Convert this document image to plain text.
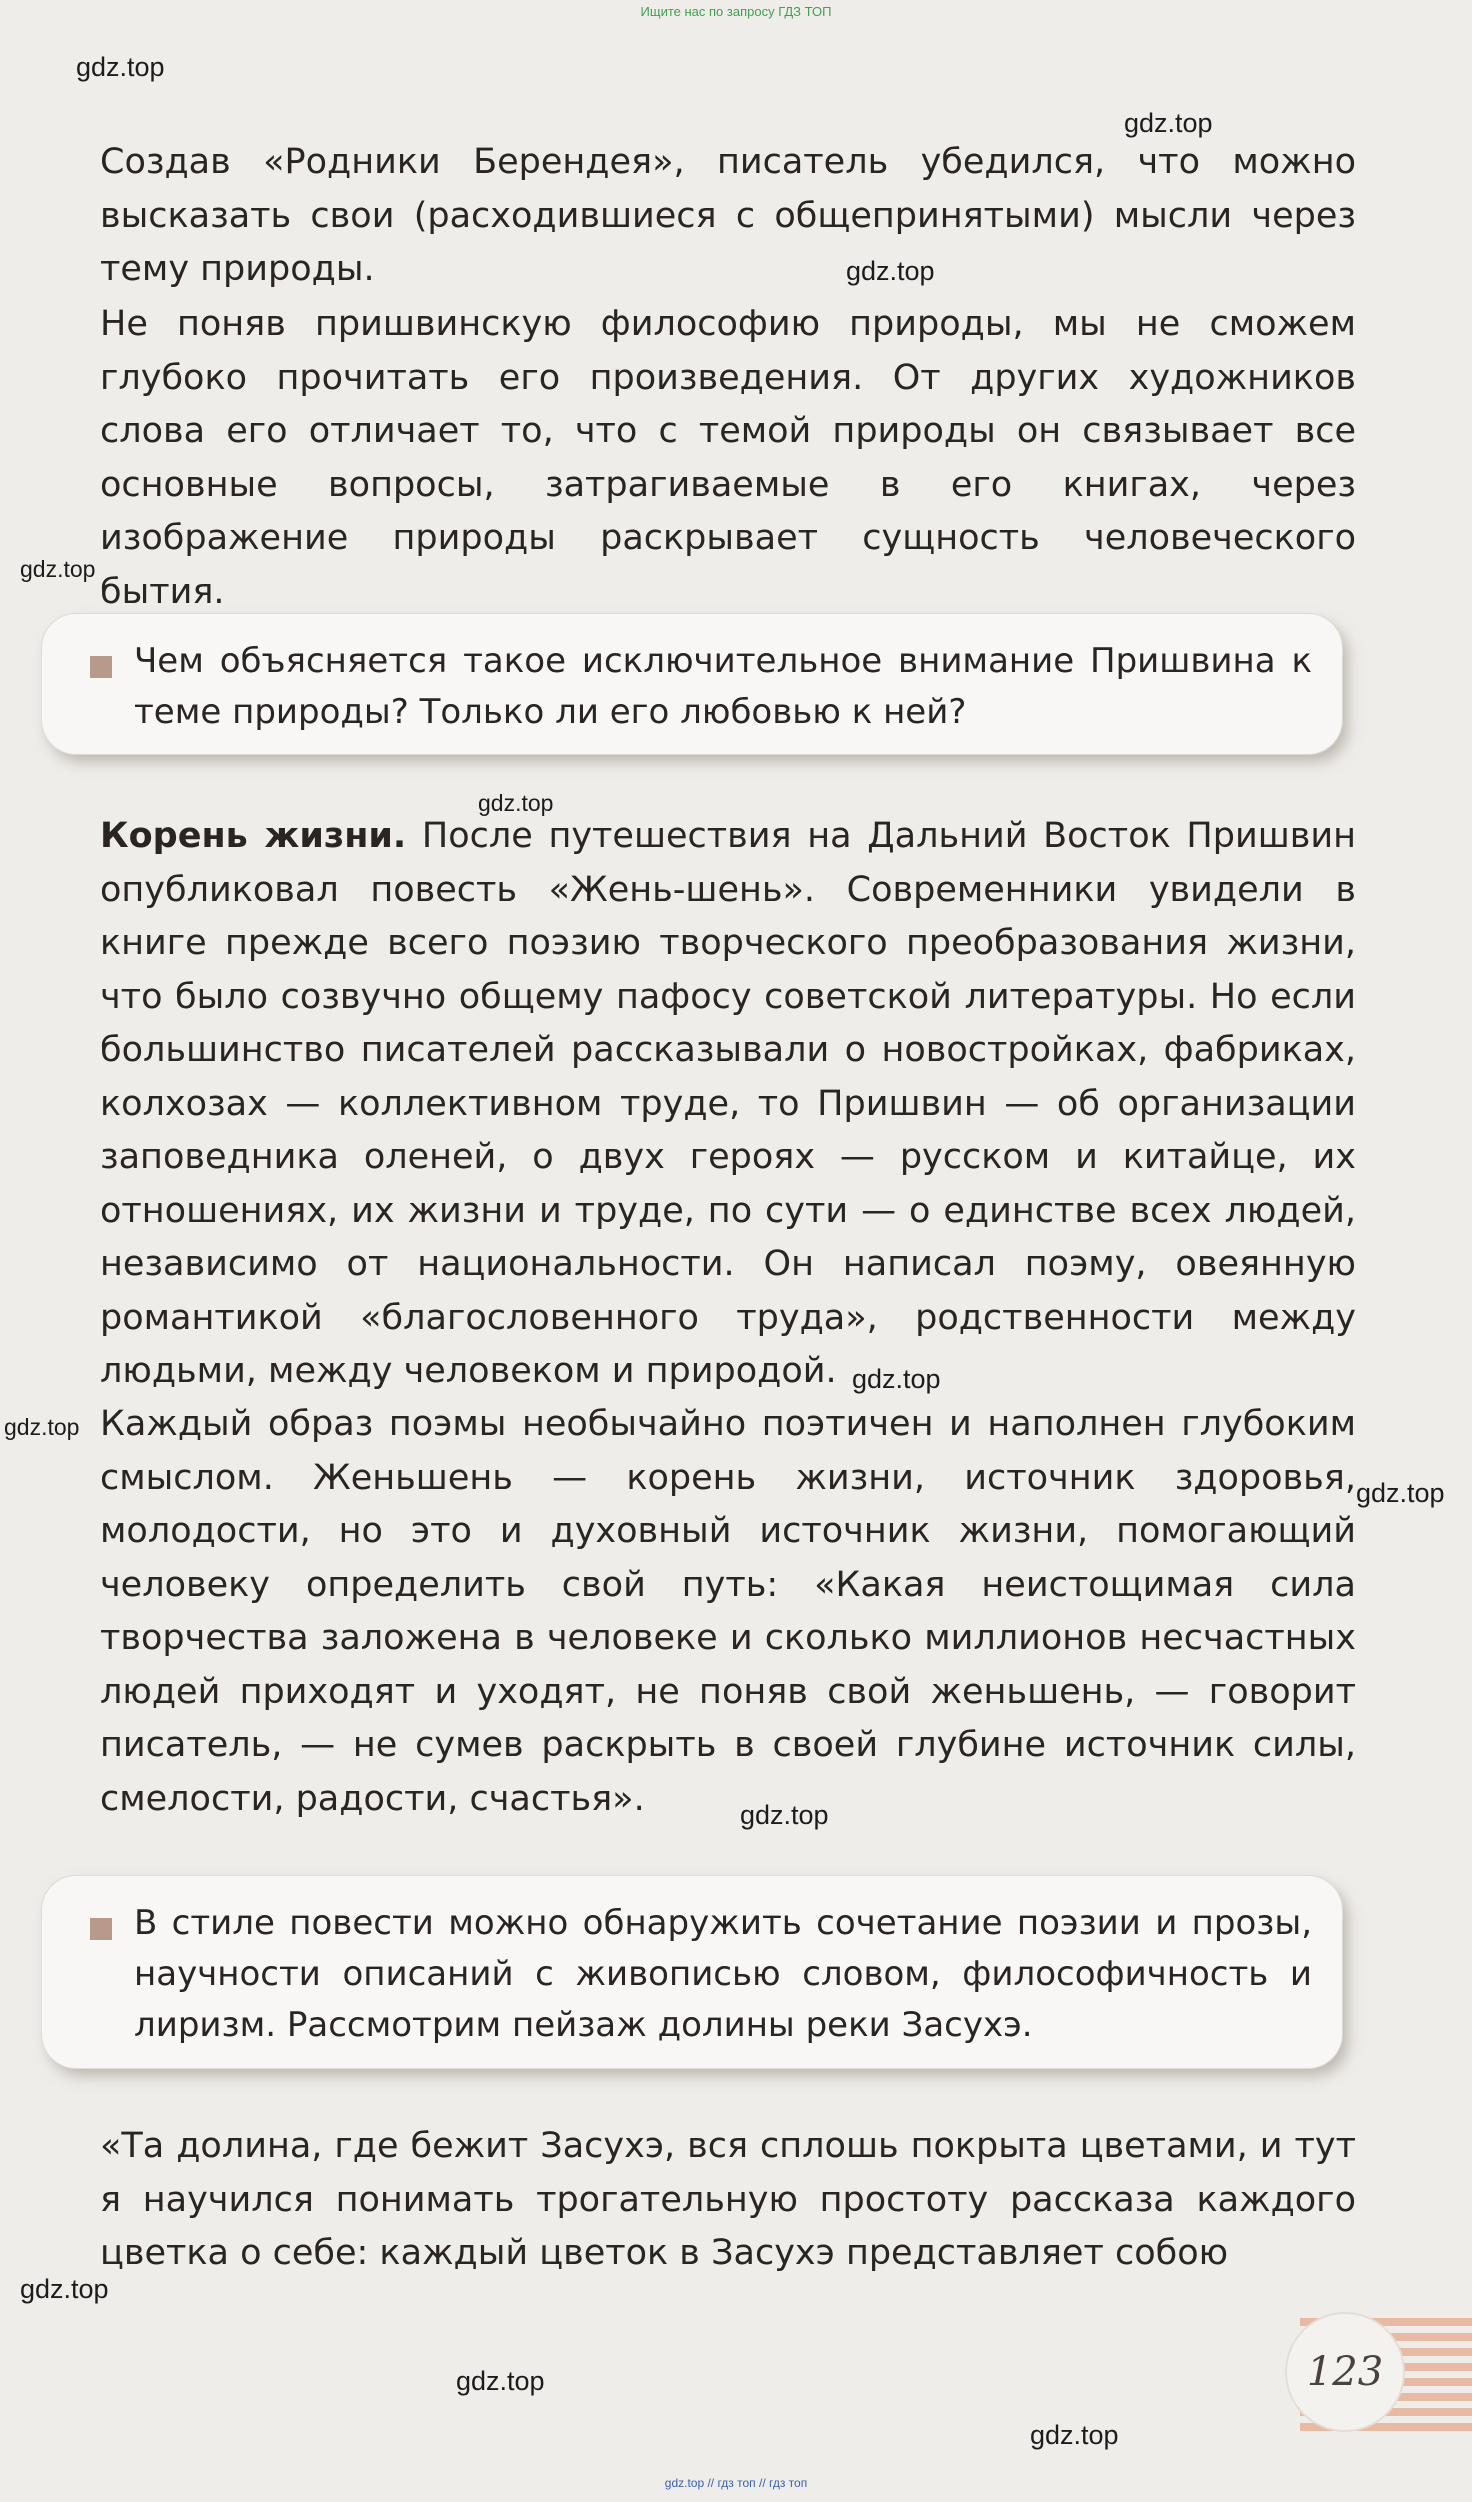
Ищите нас по запросу ГДЗ ТОП
gdz.top
gdz.top
gdz.top
gdz.top
gdz.top
gdz.top
gdz.top
gdz.top
gdz.top
gdz.top
gdz.top
gdz.top

Создав «Родники Берендея», писатель убедился, что можно высказать свои (расходившиеся с общепринятыми) мысли через тему природы.

Не поняв пришвинскую философию природы, мы не сможем глубоко прочитать его произведения. От других художников слова его отличает то, что с темой природы он связывает все основные вопросы, затрагиваемые в его книгах, через изображение природы раскрывает сущность человеческого бытия.

Чем объясняется такое исключительное внимание Пришвина к теме природы? Только ли его любовью к ней?

Корень жизни. После путешествия на Дальний Восток Пришвин опубликовал повесть «Жень-шень». Современники увидели в книге прежде всего поэзию творческого преобразования жизни, что было созвучно общему пафосу советской литературы. Но если большинство писателей рассказывали о новостройках, фабриках, колхозах — коллективном труде, то Пришвин — об организации заповедника оленей, о двух героях — русском и китайце, их отношениях, их жизни и труде, по сути — о единстве всех людей, независимо от национальности. Он написал поэму, овеянную романтикой «благословенного труда», родственности между людьми, между человеком и природой.

Каждый образ поэмы необычайно поэтичен и наполнен глубоким смыслом. Женьшень — корень жизни, источник здоровья, молодости, но это и духовный источник жизни, помогающий человеку определить свой путь: «Какая неистощимая сила творчества заложена в человеке и сколько миллионов несчастных людей приходят и уходят, не поняв свой женьшень, — говорит писатель, — не сумев раскрыть в своей глубине источник силы, смелости, радости, счастья».

В стиле повести можно обнаружить сочетание поэзии и прозы, научности описаний с живописью словом, философичность и лиризм. Рассмотрим пейзаж долины реки Засухэ.

«Та долина, где бежит Засухэ, вся сплошь покрыта цветами, и тут я научился понимать трогательную простоту рассказа каждого цветка о себе: каждый цветок в Засухэ представляет собою

123
gdz.top // гдз топ // гдз топ
